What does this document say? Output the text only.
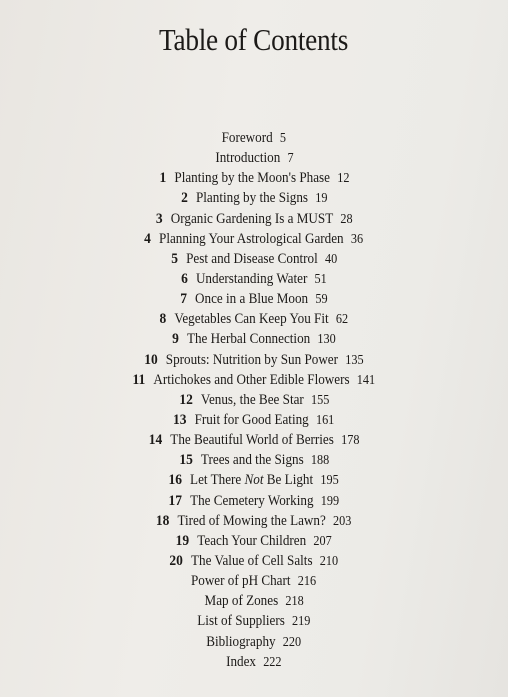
Table of Contents
Foreword 5
Introduction 7
1 Planting by the Moon's Phase 12
2 Planting by the Signs 19
3 Organic Gardening Is a MUST 28
4 Planning Your Astrological Garden 36
5 Pest and Disease Control 40
6 Understanding Water 51
7 Once in a Blue Moon 59
8 Vegetables Can Keep You Fit 62
9 The Herbal Connection 130
10 Sprouts: Nutrition by Sun Power 135
11 Artichokes and Other Edible Flowers 141
12 Venus, the Bee Star 155
13 Fruit for Good Eating 161
14 The Beautiful World of Berries 178
15 Trees and the Signs 188
16 Let There Not Be Light 195
17 The Cemetery Working 199
18 Tired of Mowing the Lawn? 203
19 Teach Your Children 207
20 The Value of Cell Salts 210
Power of pH Chart 216
Map of Zones 218
List of Suppliers 219
Bibliography 220
Index 222
